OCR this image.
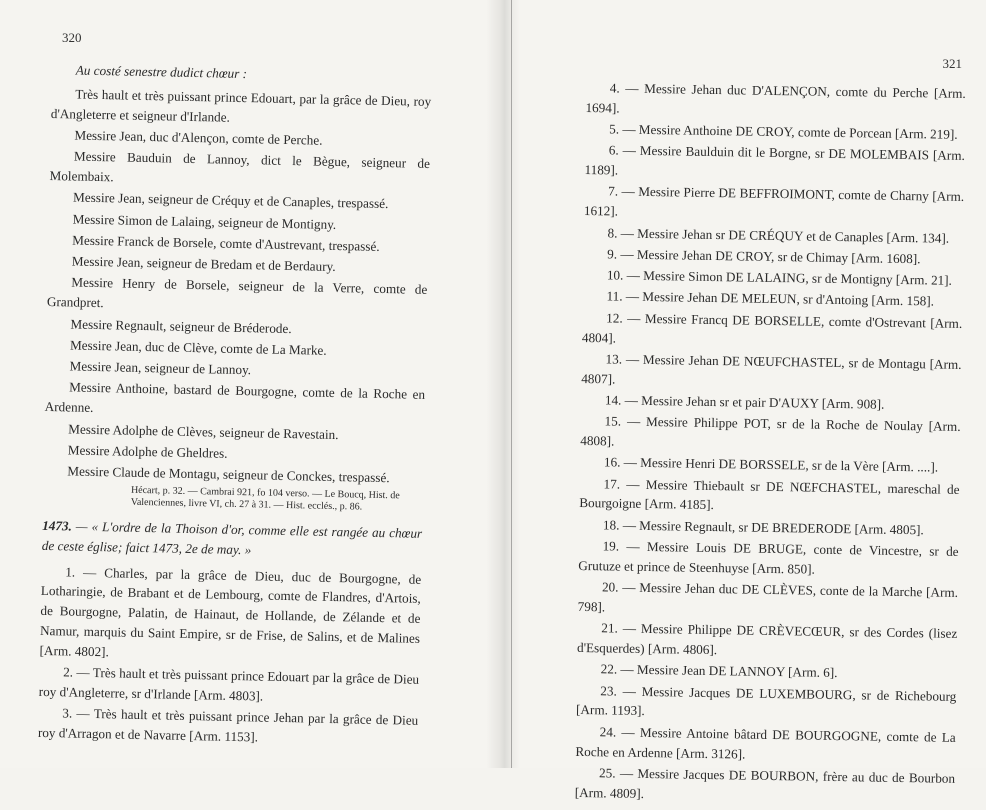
320

Au costé senestre dudict chœur :

Très hault et très puissant prince Edouart, par la grâce de Dieu, roy d'Angleterre et seigneur d'Irlande.

Messire Jean, duc d'Alençon, comte de Perche.

Messire Bauduin de Lannoy, dict le Bègue, seigneur de Molembaix.

Messire Jean, seigneur de Créquy et de Canaples, trespassé.

Messire Simon de Lalaing, seigneur de Montigny.

Messire Franck de Borsele, comte d'Austrevant, trespassé.

Messire Jean, seigneur de Bredam et de Berdaury.

Messire Henry de Borsele, seigneur de la Verre, comte de Grandpret.

Messire Regnault, seigneur de Bréderode.

Messire Jean, duc de Clève, comte de La Marke.

Messire Jean, seigneur de Lannoy.

Messire Anthoine, bastard de Bourgogne, comte de la Roche en Ardenne.

Messire Adolphe de Clèves, seigneur de Ravestain.

Messire Adolphe de Gheldres.

Messire Claude de Montagu, seigneur de Conckes, trespassé.

Hécart, p. 32. — Cambrai 921, fo 104 verso. — Le Boucq, Hist. de Valenciennes, livre VI, ch. 27 à 31. — Hist. ecclés., p. 86.

1473. — « L'ordre de la Thoison d'or, comme elle est rangée au chœur de ceste église; faict 1473, 2e de may. »

1. — Charles, par la grâce de Dieu, duc de Bourgogne, de Lotharingie, de Brabant et de Lembourg, comte de Flandres, d'Artois, de Bourgogne, Palatin, de Hainaut, de Hollande, de Zélande et de Namur, marquis du Saint Empire, sr de Frise, de Salins, et de Malines [Arm. 4802].

2. — Très hault et très puissant prince Edouart par la grâce de Dieu roy d'Angleterre, sr d'Irlande [Arm. 4803].

3. — Très hault et très puissant prince Jehan par la grâce de Dieu roy d'Arragon et de Navarre [Arm. 1153].

321

4. — Messire Jehan duc D'ALENÇON, comte du Perche [Arm. 1694].

5. — Messire Anthoine DE CROY, comte de Porcean [Arm. 219].

6. — Messire Baulduin dit le Borgne, sr DE MOLEMBAIS [Arm. 1189].

7. — Messire Pierre DE BEFFROIMONT, comte de Charny [Arm. 1612].

8. — Messire Jehan sr DE CRÉQUY et de Canaples [Arm. 134].

9. — Messire Jehan DE CROY, sr de Chimay [Arm. 1608].

10. — Messire Simon DE LALAING, sr de Montigny [Arm. 21].

11. — Messire Jehan DE MELEUN, sr d'Antoing [Arm. 158].

12. — Messire Francq DE BORSELLE, comte d'Ostrevant [Arm. 4804].

13. — Messire Jehan DE NŒUFCHASTEL, sr de Montagu [Arm. 4807].

14. — Messire Jehan sr et pair D'AUXY [Arm. 908].

15. — Messire Philippe POT, sr de la Roche de Noulay [Arm. 4808].

16. — Messire Henri DE BORSSELE, sr de la Vère [Arm. ....].

17. — Messire Thiebault sr DE NŒFCHASTEL, mareschal de Bourgoigne [Arm. 4185].

18. — Messire Regnault, sr DE BREDERODE [Arm. 4805].

19. — Messire Louis DE BRUGE, conte de Vincestre, sr de Grutuze et prince de Steenhuyse [Arm. 850].

20. — Messire Jehan duc DE CLÈVES, conte de la Marche [Arm. 798].

21. — Messire Philippe DE CRÈVECŒUR, sr des Cordes (lisez d'Esquerdes) [Arm. 4806].

22. — Messire Jean DE LANNOY [Arm. 6].

23. — Messire Jacques DE LUXEMBOURG, sr de Richebourg [Arm. 1193].

24. — Messire Antoine bâtard DE BOURGOGNE, comte de La Roche en Ardenne [Arm. 3126].

25. — Messire Jacques DE BOURBON, frère au duc de Bourbon [Arm. 4809].
